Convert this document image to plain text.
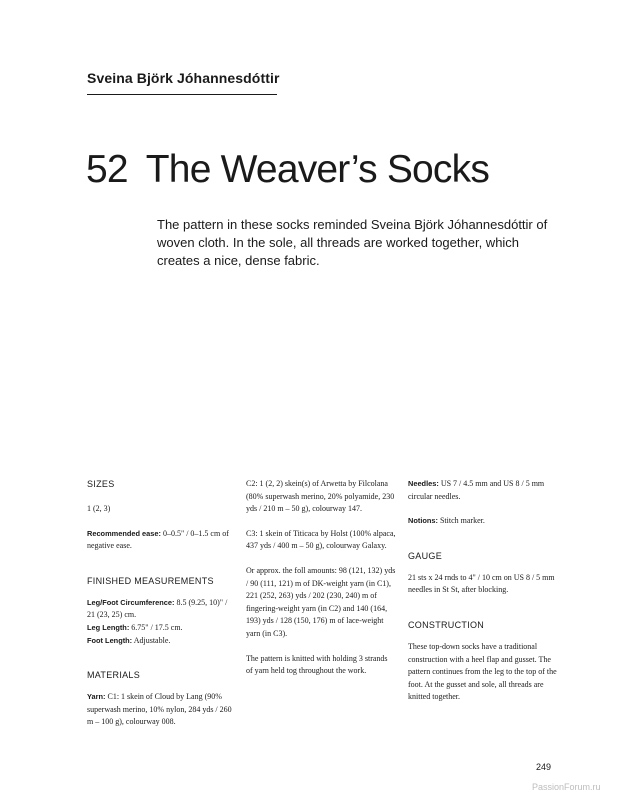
Sveina Björk Jóhannesdóttir
52 The Weaver’s Socks

The pattern in these socks reminded Sveina Björk Jóhannesdóttir of woven cloth. In the sole, all threads are worked together, which creates a nice, dense fabric.

SIZES

1 (2, 3)

Recommended ease: 0–0.5" / 0–1.5 cm of negative ease.

FINISHED MEASUREMENTS

Leg/Foot Circumference: 8.5 (9.25, 10)" / 21 (23, 25) cm.

Leg Length: 6.75" / 17.5 cm.

Foot Length: Adjustable.

MATERIALS

Yarn: C1: 1 skein of Cloud by Lang (90% superwash merino, 10% nylon, 284 yds / 260 m – 100 g), colourway 008.

C2: 1 (2, 2) skein(s) of Arwetta by Filcolana (80% superwash merino, 20% polyamide, 230 yds / 210 m – 50 g), colourway 147.

C3: 1 skein of Titicaca by Holst (100% alpaca, 437 yds / 400 m – 50 g), colourway Galaxy.

Or approx. the foll amounts: 98 (121, 132) yds / 90 (111, 121) m of DK-weight yarn (in C1), 221 (252, 263) yds / 202 (230, 240) m of fingering-weight yarn (in C2) and 140 (164, 193) yds / 128 (150, 176) m of lace-weight yarn (in C3).

The pattern is knitted with holding 3 strands of yarn held tog throughout the work.

Needles: US 7 / 4.5 mm and US 8 / 5 mm circular needles.

Notions: Stitch marker.

GAUGE

21 sts x 24 rnds to 4" / 10 cm on US 8 / 5 mm needles in St St, after blocking.

CONSTRUCTION

These top-down socks have a traditional construction with a heel flap and gusset. The pattern continues from the leg to the top of the foot. At the gusset and sole, all threads are knitted together.

249
PassionForum.ru
